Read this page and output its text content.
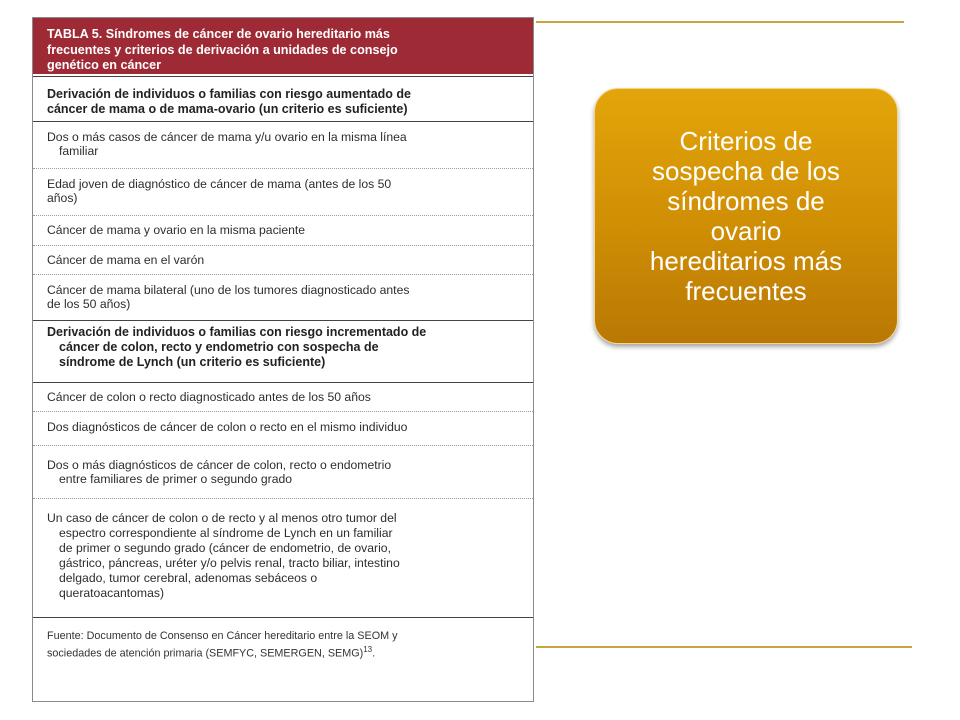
TABLA 5. Síndromes de cáncer de ovario hereditario más
frecuentes y criterios de derivación a unidades de consejo
genético en cáncer
Derivación de individuos o familias con riesgo aumentado de
cáncer de mama o de mama-ovario (un criterio es suficiente)
Dos o más casos de cáncer de mama y/u ovario en la misma línea
familiar
Edad joven de diagnóstico de cáncer de mama (antes de los 50
años)
Cáncer de mama y ovario en la misma paciente
Cáncer de mama en el varón
Cáncer de mama bilateral (uno de los tumores diagnosticado antes
de los 50 años)
Derivación de individuos o familias con riesgo incrementado de
cáncer de colon, recto y endometrio con sospecha de
síndrome de Lynch (un criterio es suficiente)
Cáncer de colon o recto diagnosticado antes de los 50 años
Dos diagnósticos de cáncer de colon o recto en el mismo individuo
Dos o más diagnósticos de cáncer de colon, recto o endometrio
entre familiares de primer o segundo grado
Un caso de cáncer de colon o de recto y al menos otro tumor del
espectro correspondiente al síndrome de Lynch en un familiar
de primer o segundo grado (cáncer de endometrio, de ovario,
gástrico, páncreas, uréter y/o pelvis renal, tracto biliar, intestino
delgado, tumor cerebral, adenomas sebáceos o
queratoacantomas)
Fuente: Documento de Consenso en Cáncer hereditario entre la SEOM y
sociedades de atención primaria (SEMFYC, SEMERGEN, SEMG)$^{13}$.
Criterios de
sospecha de los
síndromes de
ovario
hereditarios más
frecuentes
